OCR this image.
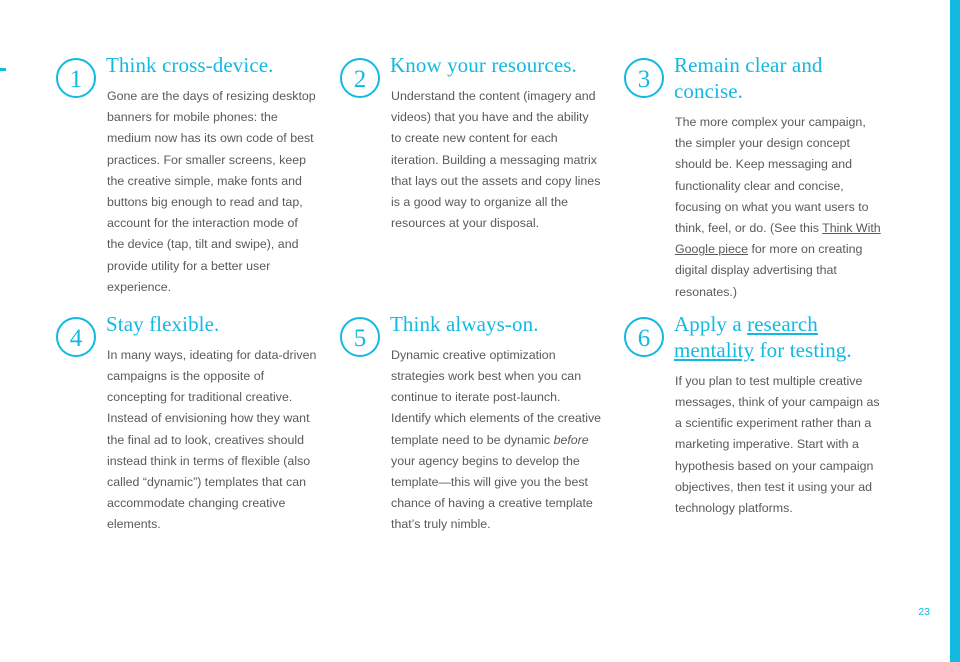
1
Think cross-device.

Gone are the days of resizing desktop banners for mobile phones: the medium now has its own code of best practices. For smaller screens, keep the creative simple, make fonts and buttons big enough to read and tap, account for the interaction mode of the device (tap, tilt and swipe), and provide utility for a better user experience.

2
Know your resources.

Understand the content (imagery and videos) that you have and the ability to create new content for each iteration. Building a messaging matrix that lays out the assets and copy lines is a good way to organize all the resources at your disposal.

3
Remain clear and concise.

The more complex your campaign, the simpler your design concept should be. Keep messaging and functionality clear and concise, focusing on what you want users to think, feel, or do. (See this Think With Google piece for more on creating digital display advertising that resonates.)

4
Stay flexible.

In many ways, ideating for data-driven campaigns is the opposite of concepting for traditional creative. Instead of envisioning how they want the final ad to look, creatives should instead think in terms of flexible (also called “dynamic”) templates that can accommodate changing creative elements.

5
Think always-on.

Dynamic creative optimization strategies work best when you can continue to iterate post-launch. Identify which elements of the creative template need to be dynamic before your agency begins to develop the template—this will give you the best chance of having a creative template that’s truly nimble.

6
Apply a research mentality for testing.

If you plan to test multiple creative messages, think of your campaign as a scientific experiment rather than a marketing imperative. Start with a hypothesis based on your campaign objectives, then test it using your ad technology platforms.

23
